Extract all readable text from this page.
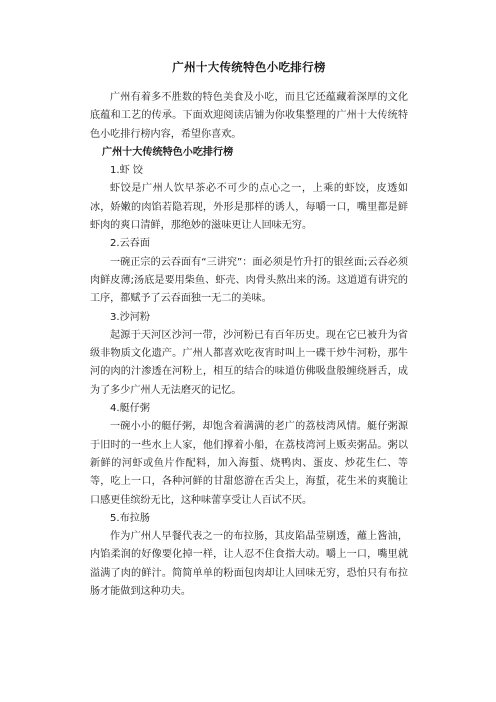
广州十大传统特色小吃排行榜

广州有着多不胜数的特色美食及小吃，而且它还蕴藏着深厚的文化底蕴和工艺的传承。下面欢迎阅读店铺为你收集整理的广州十大传统特色小吃排行榜内容，希望你喜欢。

广州十大传统特色小吃排行榜

1.虾 饺

虾饺是广州人饮早茶必不可少的点心之一，上乘的虾饺，皮透如冰，娇嫩的肉馅若隐若现，外形是那样的诱人，每嚼一口，嘴里都是鲜虾肉的爽口清鲜，那绝妙的滋味更让人回味无穷。

2.云吞面

一碗正宗的云吞面有“三讲究”：面必须是竹升打的银丝面;云吞必须肉鲜皮薄;汤底是要用柴鱼、虾壳、肉骨头熬出来的汤。这道道有讲究的工序，都赋予了云吞面独一无二的美味。

3.沙河粉

起源于天河区沙河一带，沙河粉已有百年历史。现在它已被升为省级非物质文化遗产。广州人都喜欢吃夜宵时叫上一碟干炒牛河粉，那牛河的肉的汁渗透在河粉上，相互的结合的味道仿佛吸盘般缠绕唇舌，成为了多少广州人无法磨灭的记忆。

4.艇仔粥

一碗小小的艇仔粥，却饱含着满满的老广的荔枝湾风情。艇仔粥源于旧时的一些水上人家，他们撑着小船，在荔枝湾河上贩卖粥品。粥以新鲜的河虾或鱼片作配料，加入海蜇、烧鸭肉、蛋皮、炒花生仁、等等，吃上一口，各种河鲜的甘甜悠游在舌尖上，海蜇，花生米的爽脆让口感更佳缤纷无比，这种味蕾享受让人百试不厌。

5.布拉肠

作为广州人早餐代表之一的布拉肠，其皮陷晶莹剔透，蘸上酱油，内馅柔润的好像要化掉一样，让人忍不住食指大动。嚼上一口，嘴里就溢满了肉的鲜汁。简简单单的粉面包肉却让人回味无穷，恐怕只有布拉肠才能做到这种功夫。
